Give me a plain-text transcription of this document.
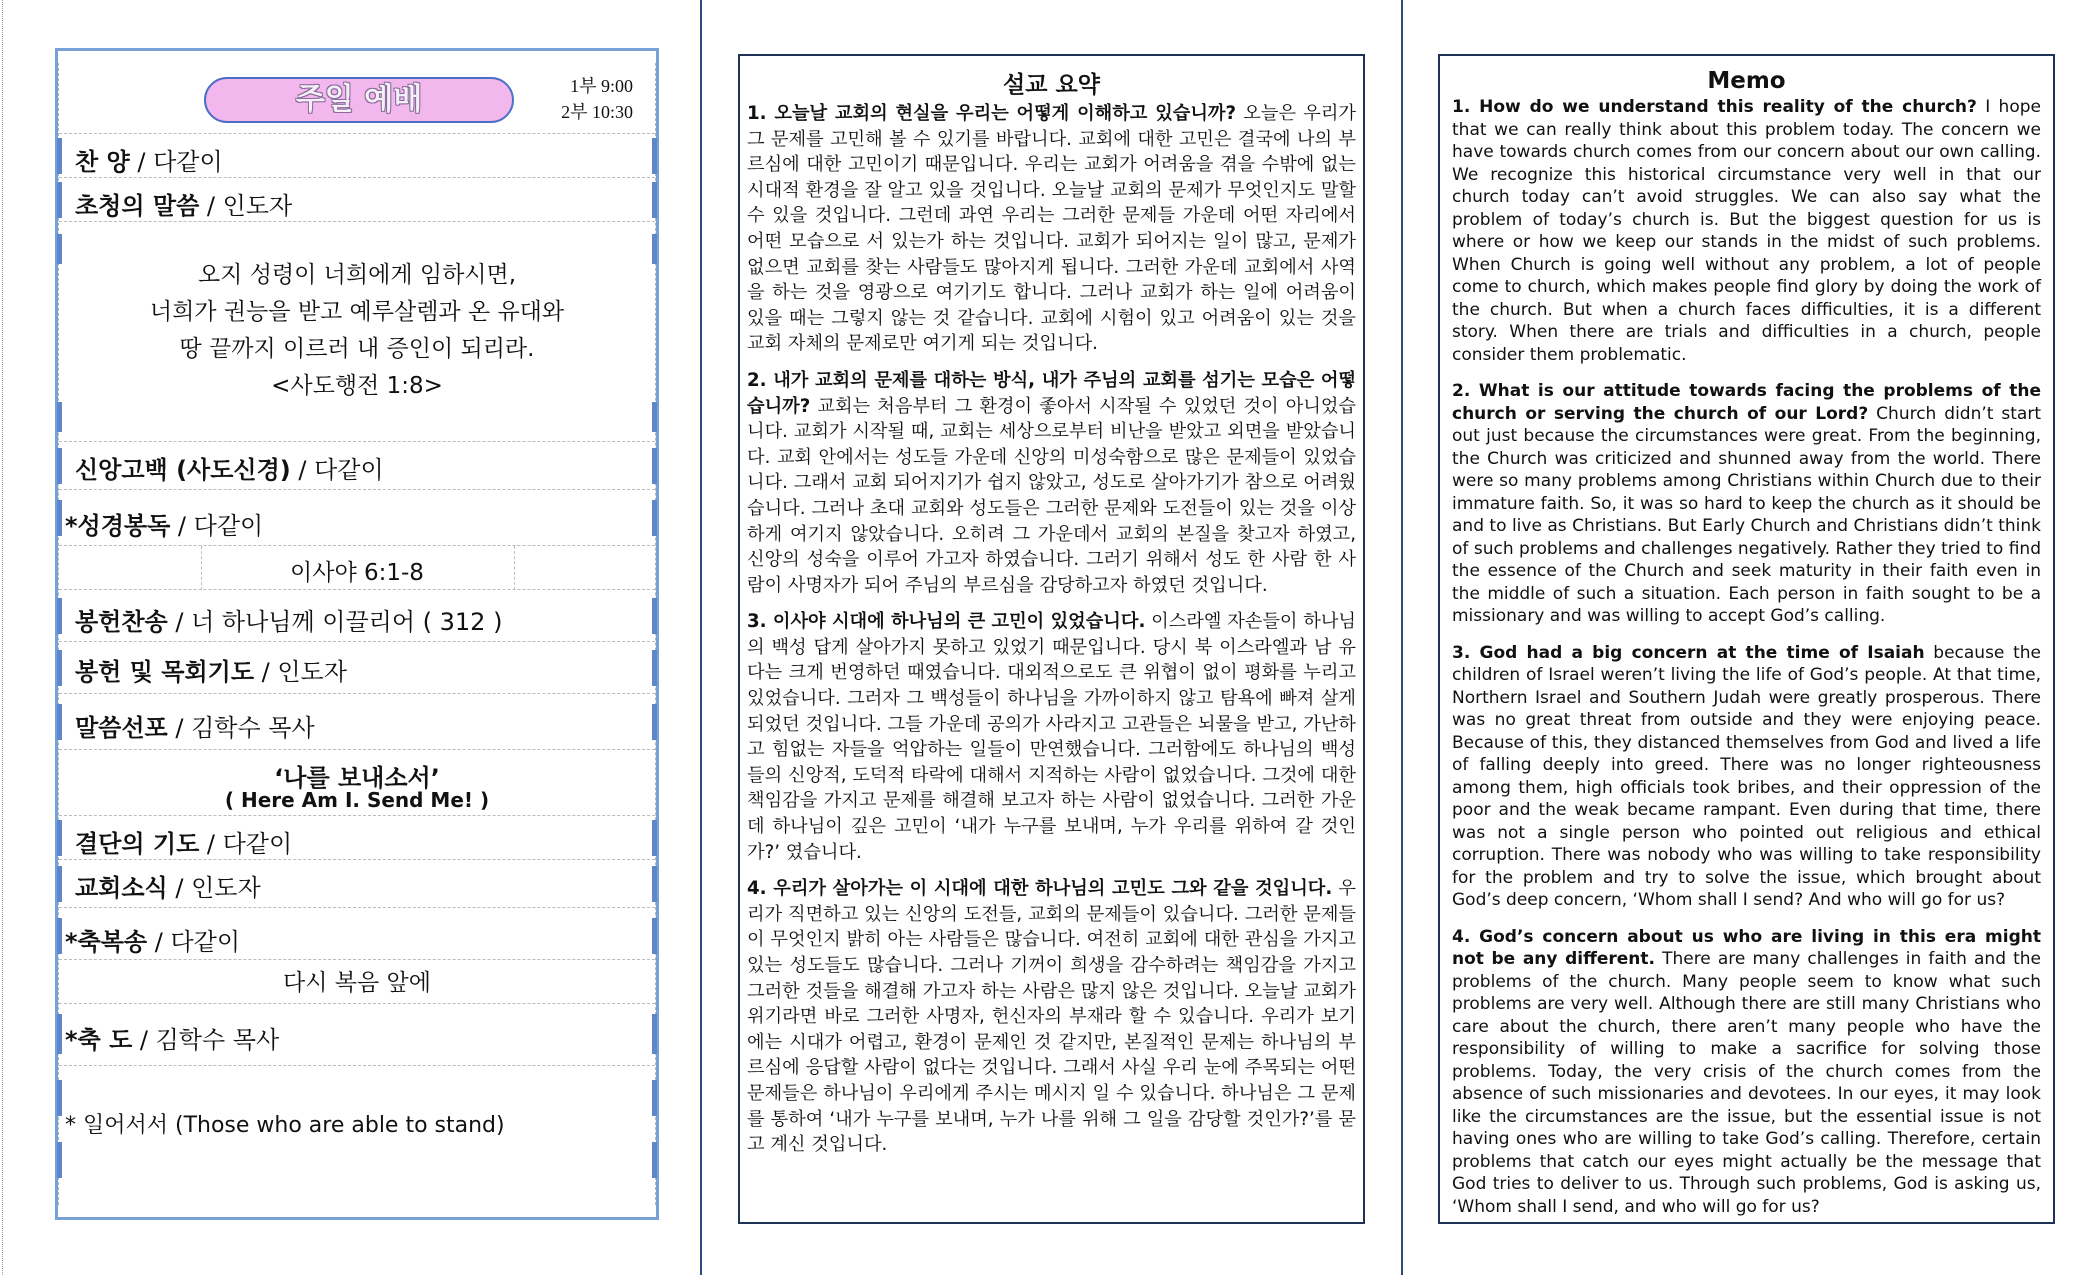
주일 예배	1부 9:00
2부 10:30
찬 양 / 다같이
초청의 말씀 / 인도자
오지 성령이 너희에게 임하시면,
너희가 권능을 받고 예루살렘과 온 유대와
땅 끝까지 이르러 내 증인이 되리라.
<사도행전 1:8>
신앙고백 (사도신경) / 다같이
*성경봉독 / 다같이
이사야 6:1-8
봉헌찬송 / 너 하나님께 이끌리어 ( 312 )
봉헌 및 목회기도 / 인도자
말씀선포 / 김학수 목사
‘나를 보내소서’
( Here Am I. Send Me! )
결단의 기도 / 다같이
교회소식 / 인도자
*축복송 / 다같이
다시 복음 앞에
*축 도 / 김학수 목사
* 일어서서 (Those who are able to stand)
설교 요약

1. 오늘날 교회의 현실을 우리는 어떻게 이해하고 있습니까? 오늘은 우리가 그 문제를 고민해 볼 수 있기를 바랍니다. 교회에 대한 고민은 결국에 나의 부르심에 대한 고민이기 때문입니다. 우리는 교회가 어려움을 겪을 수밖에 없는 시대적 환경을 잘 알고 있을 것입니다. 오늘날 교회의 문제가 무엇인지도 말할 수 있을 것입니다. 그런데 과연 우리는 그러한 문제들 가운데 어떤 자리에서 어떤 모습으로 서 있는가 하는 것입니다. 교회가 되어지는 일이 많고, 문제가 없으면 교회를 찾는 사람들도 많아지게 됩니다. 그러한 가운데 교회에서 사역을 하는 것을 영광으로 여기기도 합니다. 그러나 교회가 하는 일에 어려움이 있을 때는 그렇지 않는 것 같습니다. 교회에 시험이 있고 어려움이 있는 것을 교회 자체의 문제로만 여기게 되는 것입니다.

2. 내가 교회의 문제를 대하는 방식, 내가 주님의 교회를 섬기는 모습은 어떻습니까? 교회는 처음부터 그 환경이 좋아서 시작될 수 있었던 것이 아니었습니다. 교회가 시작될 때, 교회는 세상으로부터 비난을 받았고 외면을 받았습니다. 교회 안에서는 성도들 가운데 신앙의 미성숙함으로 많은 문제들이 있었습니다. 그래서 교회 되어지기가 쉽지 않았고, 성도로 살아가기가 참으로 어려웠습니다. 그러나 초대 교회와 성도들은 그러한 문제와 도전들이 있는 것을 이상하게 여기지 않았습니다. 오히려 그 가운데서 교회의 본질을 찾고자 하였고, 신앙의 성숙을 이루어 가고자 하였습니다. 그러기 위해서 성도 한 사람 한 사람이 사명자가 되어 주님의 부르심을 감당하고자 하였던 것입니다.

3. 이사야 시대에 하나님의 큰 고민이 있었습니다. 이스라엘 자손들이 하나님의 백성 답게 살아가지 못하고 있었기 때문입니다. 당시 북 이스라엘과 남 유다는 크게 번영하던 때였습니다. 대외적으로도 큰 위협이 없이 평화를 누리고 있었습니다. 그러자 그 백성들이 하나님을 가까이하지 않고 탐욕에 빠져 살게 되었던 것입니다. 그들 가운데 공의가 사라지고 고관들은 뇌물을 받고, 가난하고 힘없는 자들을 억압하는 일들이 만연했습니다. 그러함에도 하나님의 백성들의 신앙적, 도덕적 타락에 대해서 지적하는 사람이 없었습니다. 그것에 대한 책임감을 가지고 문제를 해결해 보고자 하는 사람이 없었습니다. 그러한 가운데 하나님이 깊은 고민이 ‘내가 누구를 보내며, 누가 우리를 위하여 갈 것인가?’ 였습니다.

4. 우리가 살아가는 이 시대에 대한 하나님의 고민도 그와 같을 것입니다. 우리가 직면하고 있는 신앙의 도전들, 교회의 문제들이 있습니다. 그러한 문제들이 무엇인지 밝히 아는 사람들은 많습니다. 여전히 교회에 대한 관심을 가지고 있는 성도들도 많습니다. 그러나 기꺼이 희생을 감수하려는 책임감을 가지고 그러한 것들을 해결해 가고자 하는 사람은 많지 않은 것입니다. 오늘날 교회가 위기라면 바로 그러한 사명자, 헌신자의 부재라 할 수 있습니다. 우리가 보기에는 시대가 어렵고, 환경이 문제인 것 같지만, 본질적인 문제는 하나님의 부르심에 응답할 사람이 없다는 것입니다. 그래서 사실 우리 눈에 주목되는 어떤 문제들은 하나님이 우리에게 주시는 메시지 일 수 있습니다. 하나님은 그 문제를 통하여 ‘내가 누구를 보내며, 누가 나를 위해 그 일을 감당할 것인가?’를 묻고 계신 것입니다.

Memo

1. How do we understand this reality of the church? I hope that we can really think about this problem today. The concern we have towards church comes from our concern about our own calling. We recognize this historical circumstance very well in that our church today can’t avoid struggles. We can also say what the problem of today’s church is. But the biggest question for us is where or how we keep our stands in the midst of such problems. When Church is going well without any problem, a lot of people come to church, which makes people find glory by doing the work of the church. But when a church faces difficulties, it is a different story. When there are trials and difficulties in a church, people consider them problematic.

2. What is our attitude towards facing the problems of the church or serving the church of our Lord? Church didn’t start out just because the circumstances were great. From the beginning, the Church was criticized and shunned away from the world. There were so many problems among Christians within Church due to their immature faith. So, it was so hard to keep the church as it should be and to live as Christians. But Early Church and Christians didn’t think of such problems and challenges negatively. Rather they tried to find the essence of the Church and seek maturity in their faith even in the middle of such a situation. Each person in faith sought to be a missionary and was willing to accept God’s calling.

3. God had a big concern at the time of Isaiah because the children of Israel weren’t living the life of God’s people. At that time, Northern Israel and Southern Judah were greatly prosperous. There was no great threat from outside and they were enjoying peace. Because of this, they distanced themselves from God and lived a life of falling deeply into greed. There was no longer righteousness among them, high officials took bribes, and their oppression of the poor and the weak became rampant. Even during that time, there was not a single person who pointed out religious and ethical corruption. There was nobody who was willing to take responsibility for the problem and try to solve the issue, which brought about God’s deep concern, ‘Whom shall I send? And who will go for us?

4. God’s concern about us who are living in this era might not be any different. There are many challenges in faith and the problems of the church. Many people seem to know what such problems are very well. Although there are still many Christians who care about the church, there aren’t many people who have the responsibility of willing to make a sacrifice for solving those problems. Today, the very crisis of the church comes from the absence of such missionaries and devotees. In our eyes, it may look like the circumstances are the issue, but the essential issue is not having ones who are willing to take God’s calling. Therefore, certain problems that catch our eyes might actually be the message that God tries to deliver to us. Through such problems, God is asking us, ‘Whom shall I send, and who will go for us?
